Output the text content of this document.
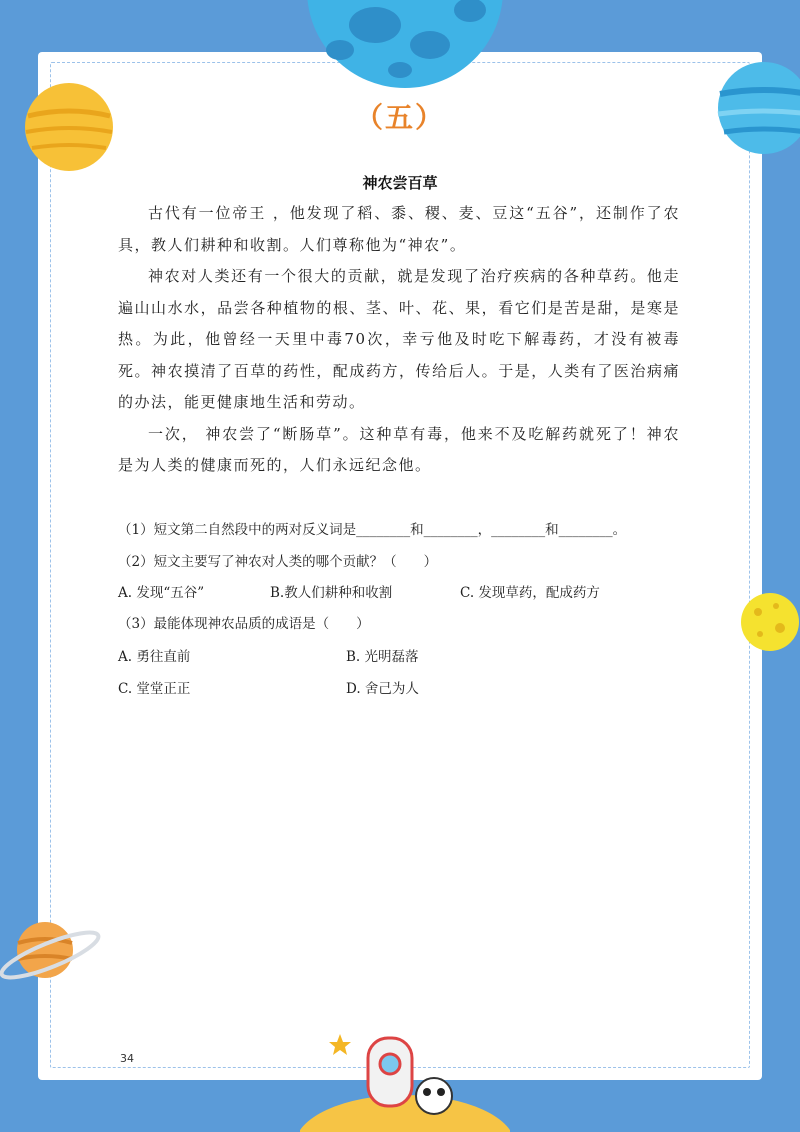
（五）
神农尝百草

古代有一位帝王 ，他发现了稻、黍、稷、麦、豆这“五谷”，还制作了农具，教人们耕种和收割。人们尊称他为“神农”。

神农对人类还有一个很大的贡献，就是发现了治疗疾病的各种草药。他走遍山山水水，品尝各种植物的根、茎、叶、花、果，看它们是苦是甜，是寒是热。为此，他曾经一天里中毒70次，幸亏他及时吃下解毒药，才没有被毒死。神农摸清了百草的药性，配成药方，传给后人。于是，人类有了医治病痛的办法，能更健康地生活和劳动。

一次， 神农尝了“断肠草”。这种草有毒，他来不及吃解药就死了！神农是为人类的健康而死的，人们永远纪念他。

（1）短文第二自然段中的两对反义词是________和________，________和________。
（2）短文主要写了神农对人类的哪个贡献？（　　）
A. 发现“五谷”	B.教人们耕种和收割	C. 发现草药，配成药方
（3）最能体现神农品质的成语是（　　）
A. 勇往直前	B. 光明磊落
C. 堂堂正正	D. 舍己为人
34
